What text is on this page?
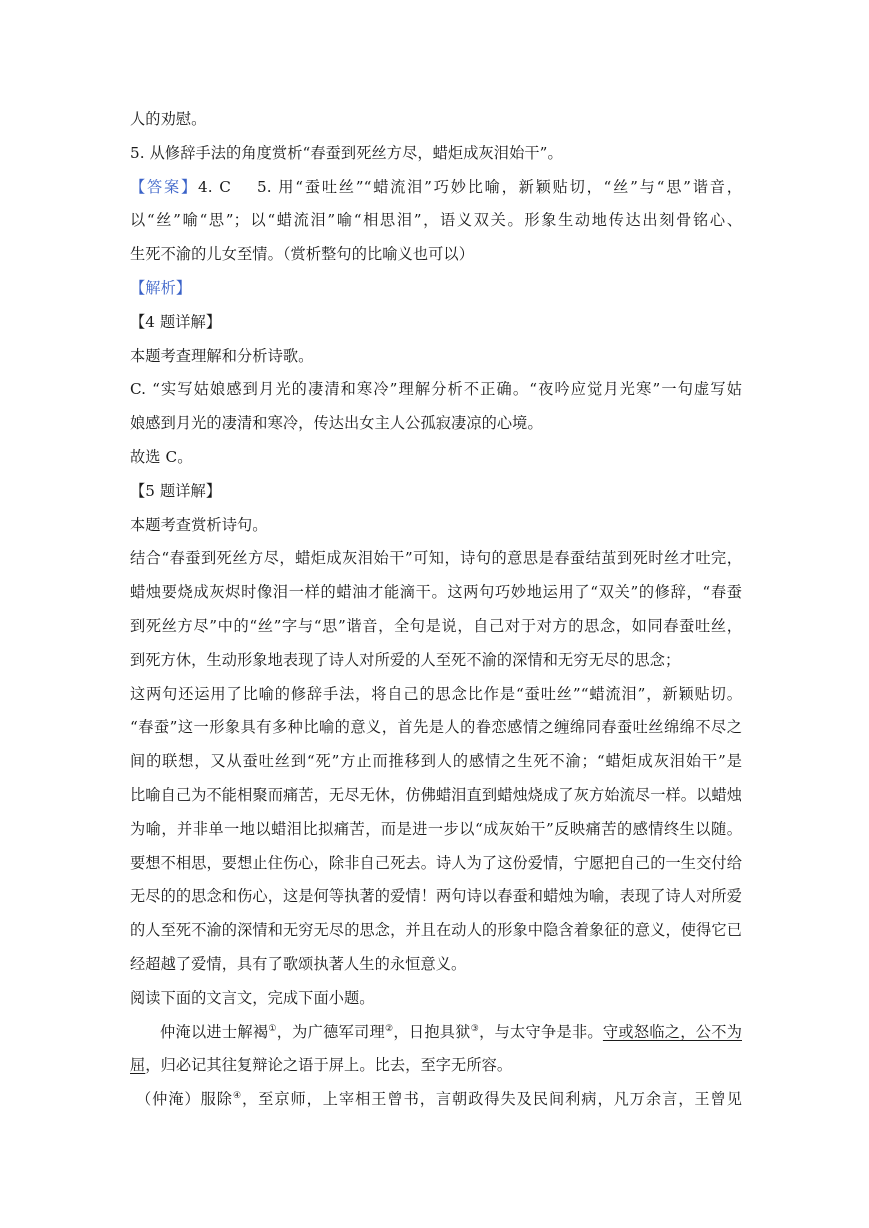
人的劝慰。
5. 从修辞手法的角度赏析“春蚕到死丝方尽，蜡炬成灰泪始干”。
【答案】4. C 5. 用“蚕吐丝”“蜡流泪”巧妙比喻，新颖贴切，“丝”与“思”谐音，
以“丝”喻“思”；以“蜡流泪”喻“相思泪”，语义双关。形象生动地传达出刻骨铭心、
生死不渝的儿女至情。（赏析整句的比喻义也可以）
【解析】
【4 题详解】
本题考查理解和分析诗歌。
C. “实写姑娘感到月光的凄清和寒冷”理解分析不正确。“夜吟应觉月光寒”一句虚写姑
娘感到月光的凄清和寒冷，传达出女主人公孤寂凄凉的心境。
故选 C。
【5 题详解】
本题考查赏析诗句。
结合“春蚕到死丝方尽，蜡炬成灰泪始干”可知，诗句的意思是春蚕结茧到死时丝才吐完，
蜡烛要烧成灰烬时像泪一样的蜡油才能滴干。这两句巧妙地运用了“双关”的修辞，“春蚕
到死丝方尽”中的“丝”字与“思”谐音，全句是说，自己对于对方的思念，如同春蚕吐丝，
到死方休，生动形象地表现了诗人对所爱的人至死不渝的深情和无穷无尽的思念；
这两句还运用了比喻的修辞手法，将自己的思念比作是“蚕吐丝”“蜡流泪”，新颖贴切。
“春蚕”这一形象具有多种比喻的意义，首先是人的眷恋感情之缠绵同春蚕吐丝绵绵不尽之
间的联想，又从蚕吐丝到“死”方止而推移到人的感情之生死不渝；“蜡炬成灰泪始干”是
比喻自己为不能相聚而痛苦，无尽无休，仿佛蜡泪直到蜡烛烧成了灰方始流尽一样。以蜡烛
为喻，并非单一地以蜡泪比拟痛苦，而是进一步以“成灰始干”反映痛苦的感情终生以随。
要想不相思，要想止住伤心，除非自己死去。诗人为了这份爱情，宁愿把自己的一生交付给
无尽的的思念和伤心，这是何等执著的爱情！两句诗以春蚕和蜡烛为喻，表现了诗人对所爱
的人至死不渝的深情和无穷无尽的思念，并且在动人的形象中隐含着象征的意义，使得它已
经超越了爱情，具有了歌颂执著人生的永恒意义。
阅读下面的文言文，完成下面小题。
仲淹以进士解褐①，为广德军司理②，日抱具狱③，与太守争是非。守或怒临之，公不为
屈，归必记其往复辩论之语于屏上。比去，至字无所容。
（仲淹）服除④，至京师，上宰相王曾书，言朝政得失及民间利病，凡万余言，王曾见
